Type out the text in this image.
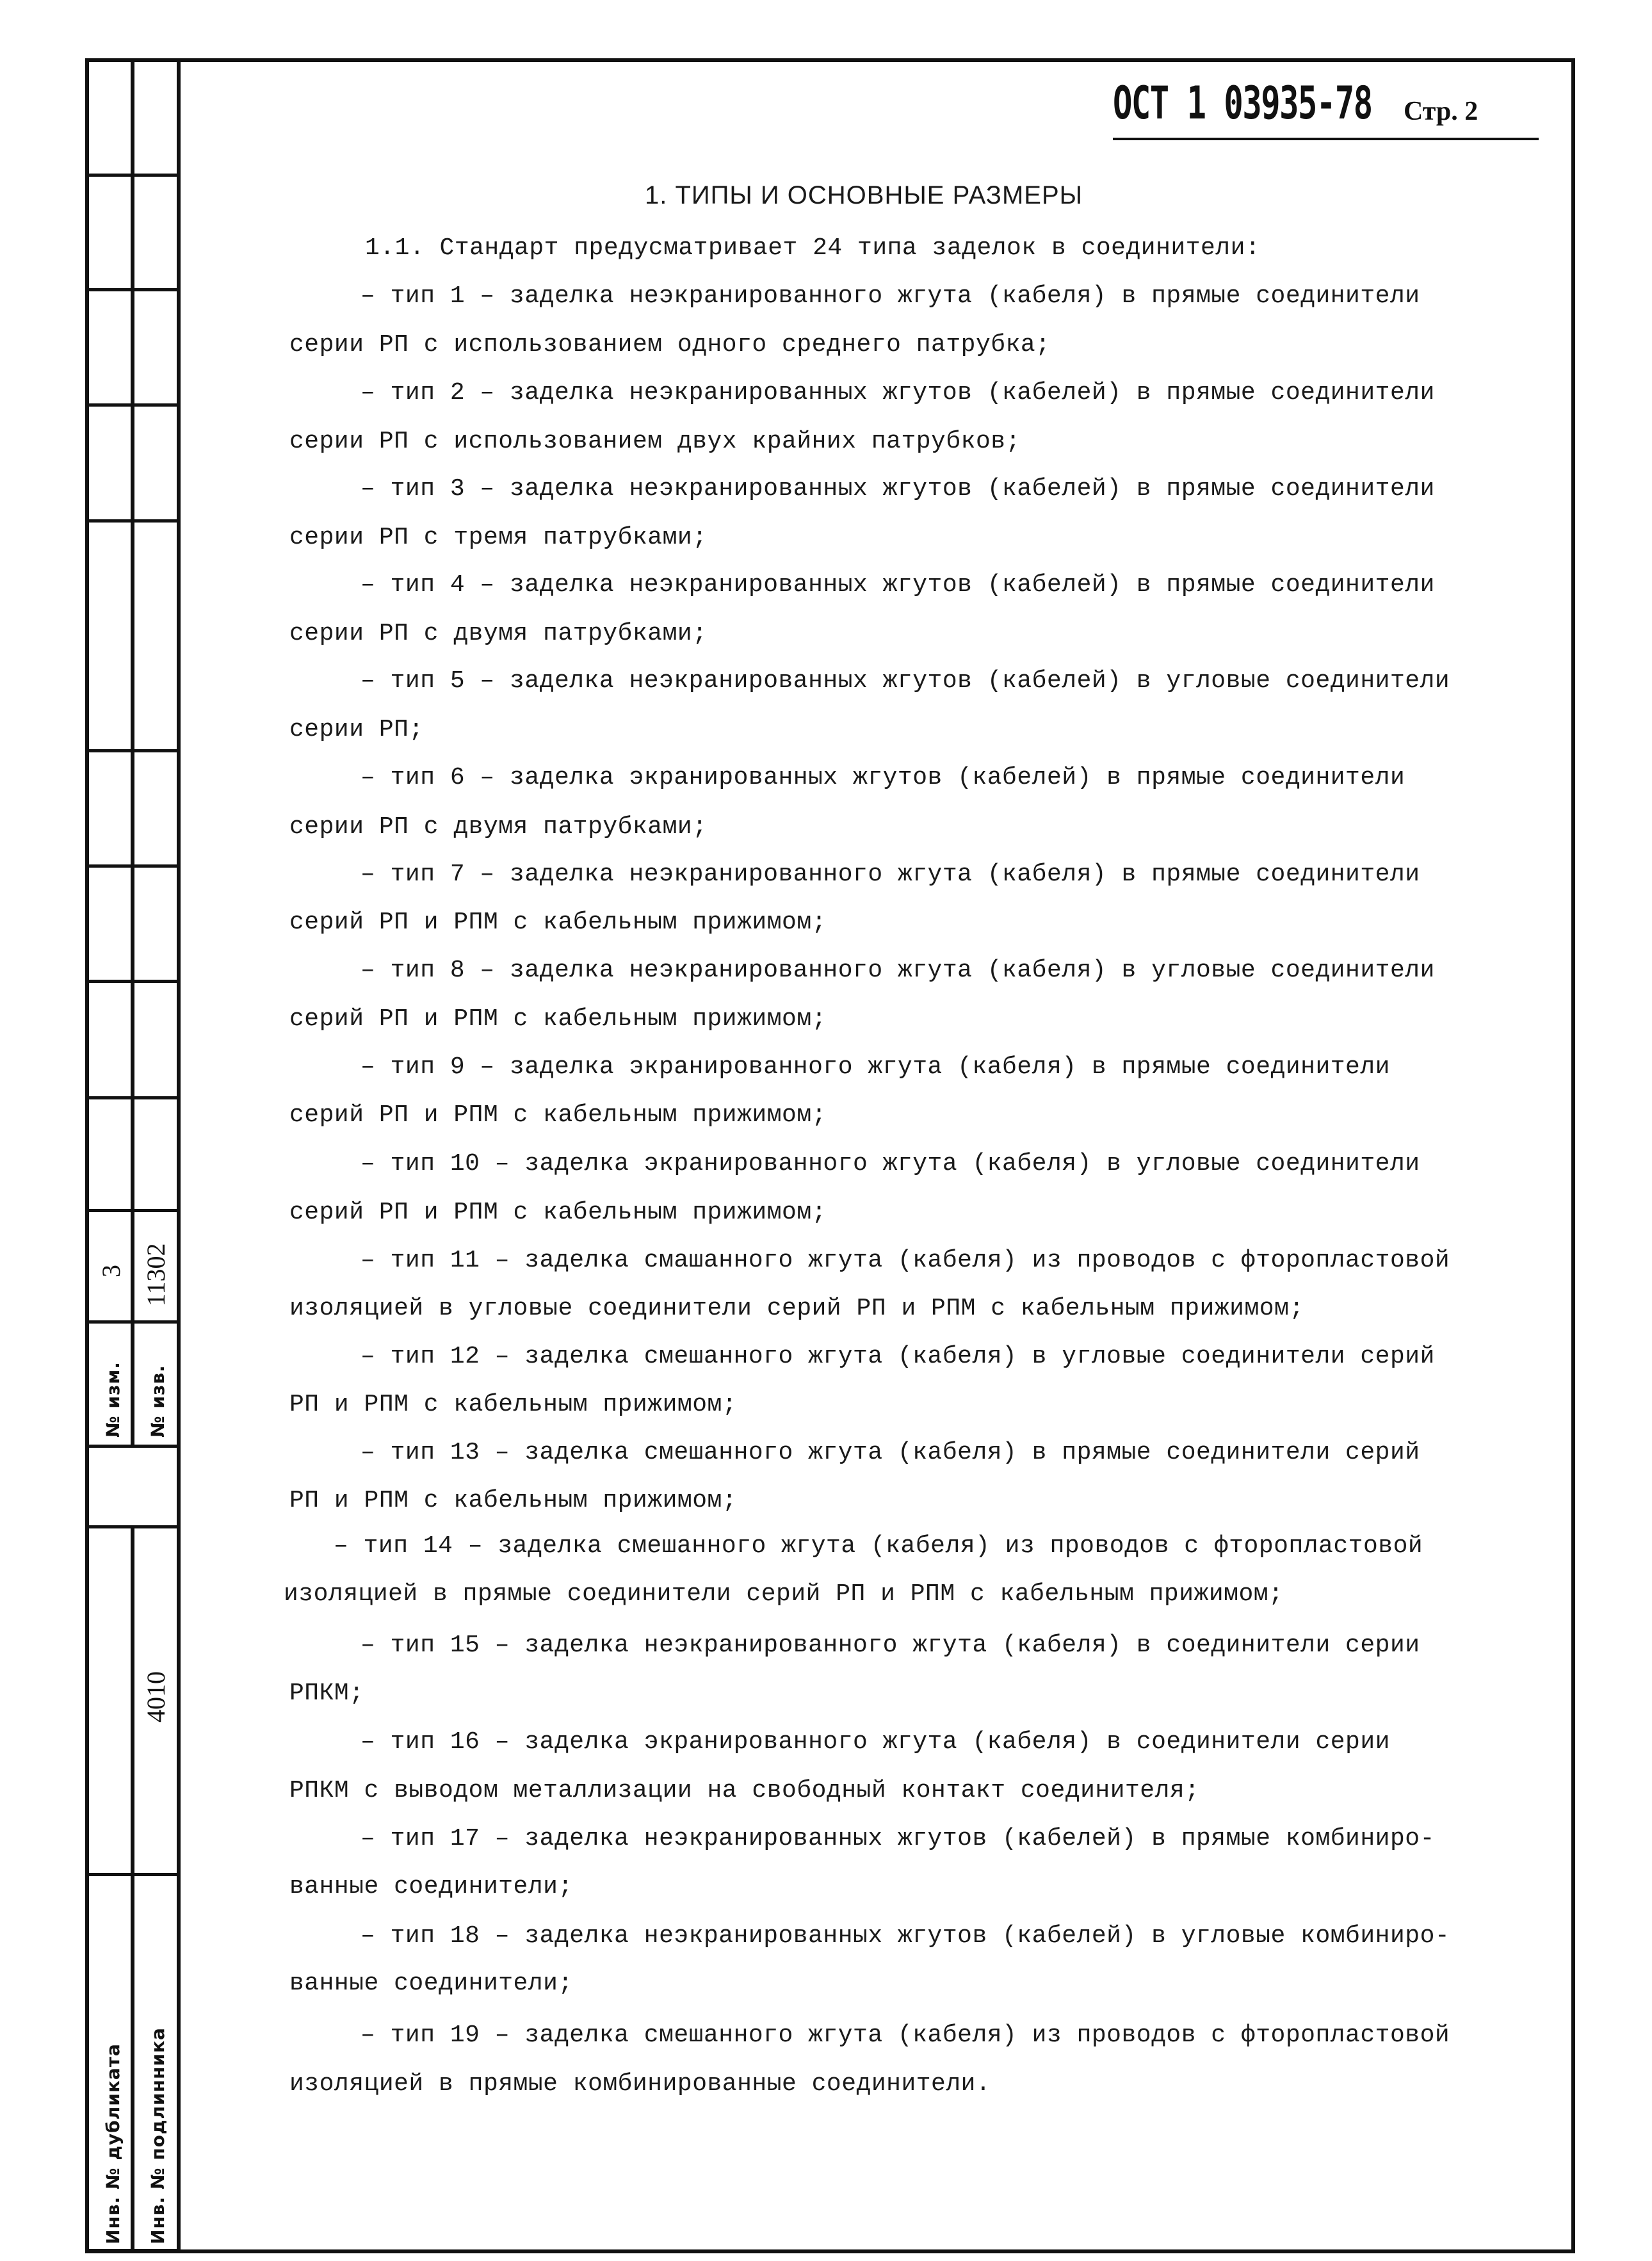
3 11302
№ изм. № изв.
4010
Инв. № дубликата Инв. № подлинника
ОСТ 1 03935-78 Стр. 2
1. ТИПЫ И ОСНОВНЫЕ РАЗМЕРЫ
1.1. Стандарт предусматривает 24 типа заделок в соединители:
– тип 1 – заделка неэкранированного жгута (кабеля) в прямые соединители
серии РП с использованием одного среднего патрубка;
– тип 2 – заделка неэкранированных жгутов (кабелей) в прямые соединители
серии РП с использованием двух крайних патрубков;
– тип 3 – заделка неэкранированных жгутов (кабелей) в прямые соединители
серии РП с тремя патрубками;
– тип 4 – заделка неэкранированных жгутов (кабелей) в прямые соединители
серии РП с двумя патрубками;
– тип 5 – заделка неэкранированных жгутов (кабелей) в угловые соединители
серии РП;
– тип 6 – заделка экранированных жгутов (кабелей) в прямые соединители
серии РП с двумя патрубками;
– тип 7 – заделка неэкранированного жгута (кабеля) в прямые соединители
серий РП и РПМ с кабельным прижимом;
– тип 8 – заделка неэкранированного жгута (кабеля) в угловые соединители
серий РП и РПМ с кабельным прижимом;
– тип 9 – заделка экранированного жгута (кабеля) в прямые соединители
серий РП и РПМ с кабельным прижимом;
– тип 10 – заделка экранированного жгута (кабеля) в угловые соединители
серий РП и РПМ с кабельным прижимом;
– тип 11 – заделка смашанного жгута (кабеля) из проводов с фторопластовой
изоляцией в угловые соединители серий РП и РПМ с кабельным прижимом;
– тип 12 – заделка смешанного жгута (кабеля) в угловые соединители серий
РП и РПМ с кабельным прижимом;
– тип 13 – заделка смешанного жгута (кабеля) в прямые соединители серий
РП и РПМ с кабельным прижимом;
– тип 14 – заделка смешанного жгута (кабеля) из проводов с фторопластовой
изоляцией в прямые соединители серий РП и РПМ с кабельным прижимом;
– тип 15 – заделка неэкранированного жгута (кабеля) в соединители серии
РПКМ;
– тип 16 – заделка экранированного жгута (кабеля) в соединители серии
РПКМ с выводом металлизации на свободный контакт соединителя;
– тип 17 – заделка неэкранированных жгутов (кабелей) в прямые комбиниро-
ванные соединители;
– тип 18 – заделка неэкранированных жгутов (кабелей) в угловые комбиниро-
ванные соединители;
– тип 19 – заделка смешанного жгута (кабеля) из проводов с фторопластовой
изоляцией в прямые комбинированные соединители.
